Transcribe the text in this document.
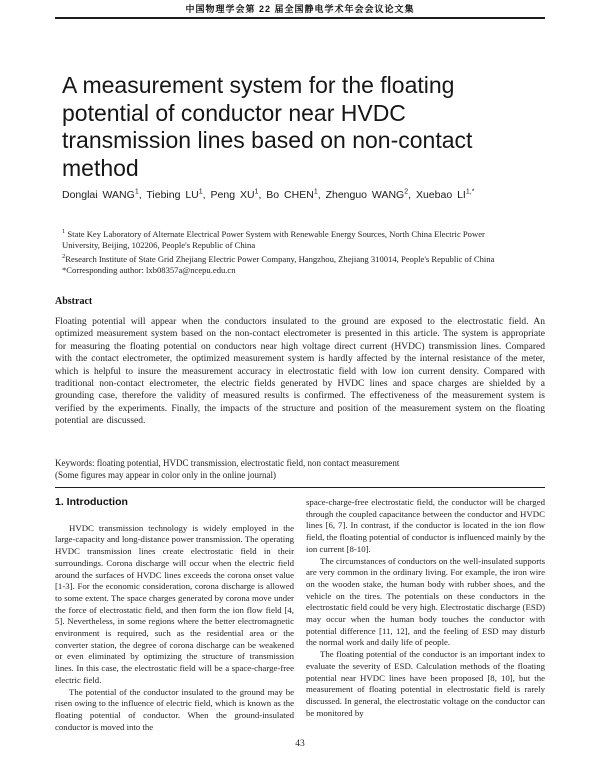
中国物理学会第 22 届全国静电学术年会会议论文集
A measurement system for the floating potential of conductor near HVDC transmission lines based on non-contact method
Donglai WANG$^1$, Tiebing $LU^1$, Peng $XU^1$, Bo CHEN$^1$, Zhenguo WANG$^2$, Xuebao $LI^{1,*}$
$^1$ State Key Laboratory of Alternate Electrical Power System with Renewable Energy Sources, North China Electric Power University, Beijing, 102206, People's Republic of China
$^2$Research Institute of State Grid Zhejiang Electric Power Company, Hangzhou, Zhejiang 310014, People's Republic of China
*Corresponding author: lxb08357a@ncepu.edu.cn
Abstract
Floating potential will appear when the conductors insulated to the ground are exposed to the electrostatic field. An optimized measurement system based on the non-contact electrometer is presented in this article. The system is appropriate for measuring the floating potential on conductors near high voltage direct current (HVDC) transmission lines. Compared with the contact electrometer, the optimized measurement system is hardly affected by the internal resistance of the meter, which is helpful to insure the measurement accuracy in electrostatic field with low ion current density. Compared with traditional non-contact electrometer, the electric fields generated by HVDC lines and space charges are shielded by a grounding case, therefore the validity of measured results is confirmed. The effectiveness of the measurement system is verified by the experiments. Finally, the impacts of the structure and position of the measurement system on the floating potential are discussed.
Keywords: floating potential, HVDC transmission, electrostatic field, non contact measurement
(Some figures may appear in color only in the online journal)
1. Introduction

HVDC transmission technology is widely employed in the large-capacity and long-distance power transmission. The operating HVDC transmission lines create electrostatic field in their surroundings. Corona discharge will occur when the electric field around the surfaces of HVDC lines exceeds the corona onset value [1-3]. For the economic consideration, corona discharge is allowed to some extent. The space charges generated by corona move under the force of electrostatic field, and then form the ion flow field [4, 5]. Nevertheless, in some regions where the better electromagnetic environment is required, such as the residential area or the converter station, the degree of corona discharge can be weakened or even eliminated by optimizing the structure of transmission lines. In this case, the electrostatic field will be a space-charge-free electric field.

The potential of the conductor insulated to the ground may be risen owing to the influence of electric field, which is known as the floating potential of conductor. When the ground-insulated conductor is moved into the

space-charge-free electrostatic field, the conductor will be charged through the coupled capacitance between the conductor and HVDC lines [6, 7]. In contrast, if the conductor is located in the ion flow field, the floating potential of conductor is influenced mainly by the ion current [8-10].

The circumstances of conductors on the well-insulated supports are very common in the ordinary living. For example, the iron wire on the wooden stake, the human body with rubber shoes, and the vehicle on the tires. The potentials on these conductors in the electrostatic field could be very high. Electrostatic discharge (ESD) may occur when the human body touches the conductor with potential difference [11, 12], and the feeling of ESD may disturb the normal work and daily life of people.

The floating potential of the conductor is an important index to evaluate the severity of ESD. Calculation methods of the floating potential near HVDC lines have been proposed [8, 10], but the measurement of floating potential in electrostatic field is rarely discussed. In general, the electrostatic voltage on the conductor can be monitored by

43
